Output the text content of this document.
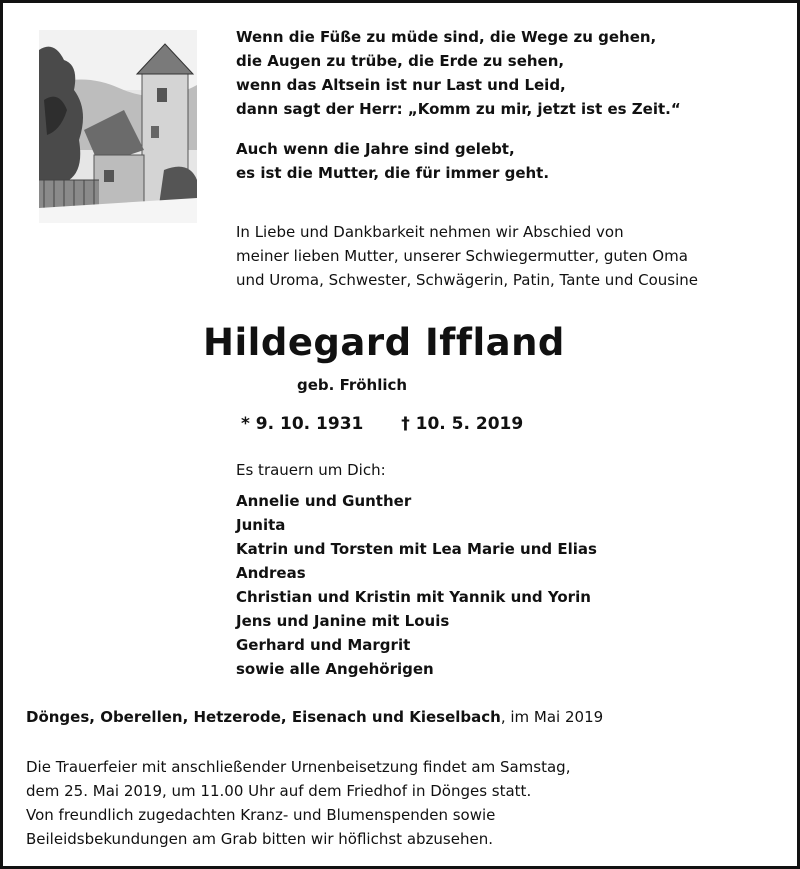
Wenn die Füße zu müde sind, die Wege zu gehen,
die Augen zu trübe, die Erde zu sehen,
wenn das Altsein ist nur Last und Leid,
dann sagt der Herr: „Komm zu mir, jetzt ist es Zeit.“
Auch wenn die Jahre sind gelebt,
es ist die Mutter, die für immer geht.
In Liebe und Dankbarkeit nehmen wir Abschied von
meiner lieben Mutter, unserer Schwiegermutter, guten Oma
und Uroma, Schwester, Schwägerin, Patin, Tante und Cousine
Hildegard Iffland
geb. Fröhlich
* 9. 10. 1931 † 10. 5. 2019
Es trauern um Dich:
Annelie und Gunther
Junita
Katrin und Torsten mit Lea Marie und Elias
Andreas
Christian und Kristin mit Yannik und Yorin
Jens und Janine mit Louis
Gerhard und Margrit
sowie alle Angehörigen
Dönges, Oberellen, Hetzerode, Eisenach und Kieselbach, im Mai 2019
Die Trauerfeier mit anschließender Urnenbeisetzung findet am Samstag,
dem 25. Mai 2019, um 11.00 Uhr auf dem Friedhof in Dönges statt.
Von freundlich zugedachten Kranz- und Blumenspenden sowie
Beileidsbekundungen am Grab bitten wir höflichst abzusehen.
